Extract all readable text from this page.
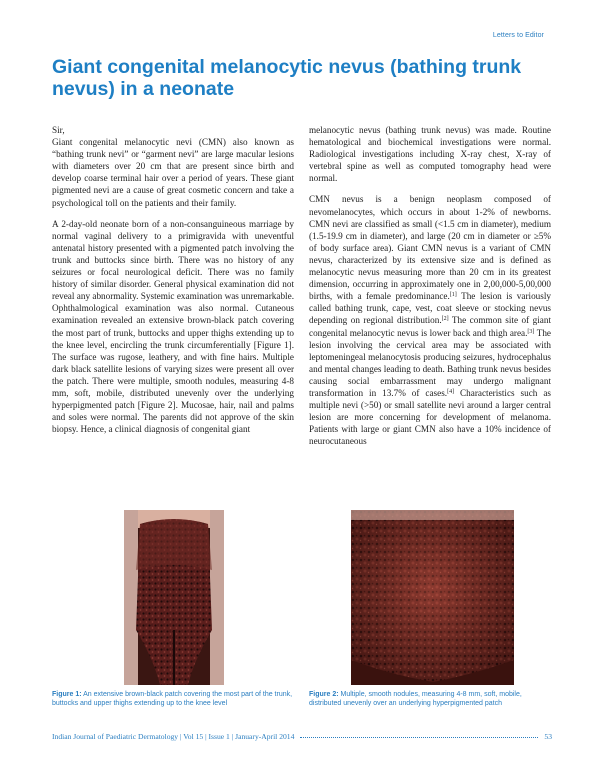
Letters to Editor
Giant congenital melanocytic nevus (bathing trunk nevus) in a neonate

Sir,

Giant congenital melanocytic nevi (CMN) also known as “bathing trunk nevi” or “garment nevi” are large macular lesions with diameters over 20 cm that are present since birth and develop coarse terminal hair over a period of years. These giant pigmented nevi are a cause of great cosmetic concern and take a psychological toll on the patients and their family.

A 2-day-old neonate born of a non-consanguineous marriage by normal vaginal delivery to a primigravida with uneventful antenatal history presented with a pigmented patch involving the trunk and buttocks since birth. There was no history of any seizures or focal neurological deficit. There was no family history of similar disorder. General physical examination did not reveal any abnormality. Systemic examination was unremarkable. Ophthalmological examination was also normal. Cutaneous examination revealed an extensive brown-black patch covering the most part of trunk, buttocks and upper thighs extending up to the knee level, encircling the trunk circumferentially [Figure 1]. The surface was rugose, leathery, and with fine hairs. Multiple dark black satellite lesions of varying sizes were present all over the patch. There were multiple, smooth nodules, measuring 4-8 mm, soft, mobile, distributed unevenly over the underlying hyperpigmented patch [Figure 2]. Mucosae, hair, nail and palms and soles were normal. The parents did not approve of the skin biopsy. Hence, a clinical diagnosis of congenital giant

melanocytic nevus (bathing trunk nevus) was made. Routine hematological and biochemical investigations were normal. Radiological investigations including X-ray chest, X-ray of vertebral spine as well as computed tomography head were normal.

CMN nevus is a benign neoplasm composed of nevomelanocytes, which occurs in about 1-2% of newborns. CMN nevi are classified as small (<1.5 cm in diameter), medium (1.5-19.9 cm in diameter), and large (20 cm in diameter or ≥5% of body surface area). Giant CMN nevus is a variant of CMN nevus, characterized by its extensive size and is defined as melanocytic nevus measuring more than 20 cm in its greatest dimension, occurring in approximately one in 2,00,000-5,00,000 births, with a female predominance.[1] The lesion is variously called bathing trunk, cape, vest, coat sleeve or stocking nevus depending on regional distribution.[2] The common site of giant congenital melanocytic nevus is lower back and thigh area.[3] The lesion involving the cervical area may be associated with leptomeningeal melanocytosis producing seizures, hydrocephalus and mental changes leading to death. Bathing trunk nevus besides causing social embarrassment may undergo malignant transformation in 13.7% of cases.[4] Characteristics such as multiple nevi (>50) or small satellite nevi around a larger central lesion are more concerning for development of melanoma. Patients with large or giant CMN also have a 10% incidence of neurocutaneous

Figure 1: An extensive brown-black patch covering the most part of the trunk, buttocks and upper thighs extending up to the knee level
Figure 2: Multiple, smooth nodules, measuring 4-8 mm, soft, mobile, distributed unevenly over an underlying hyperpigmented patch
Indian Journal of Paediatric Dermatology | Vol 15 | Issue 1 | January-April 2014	53
